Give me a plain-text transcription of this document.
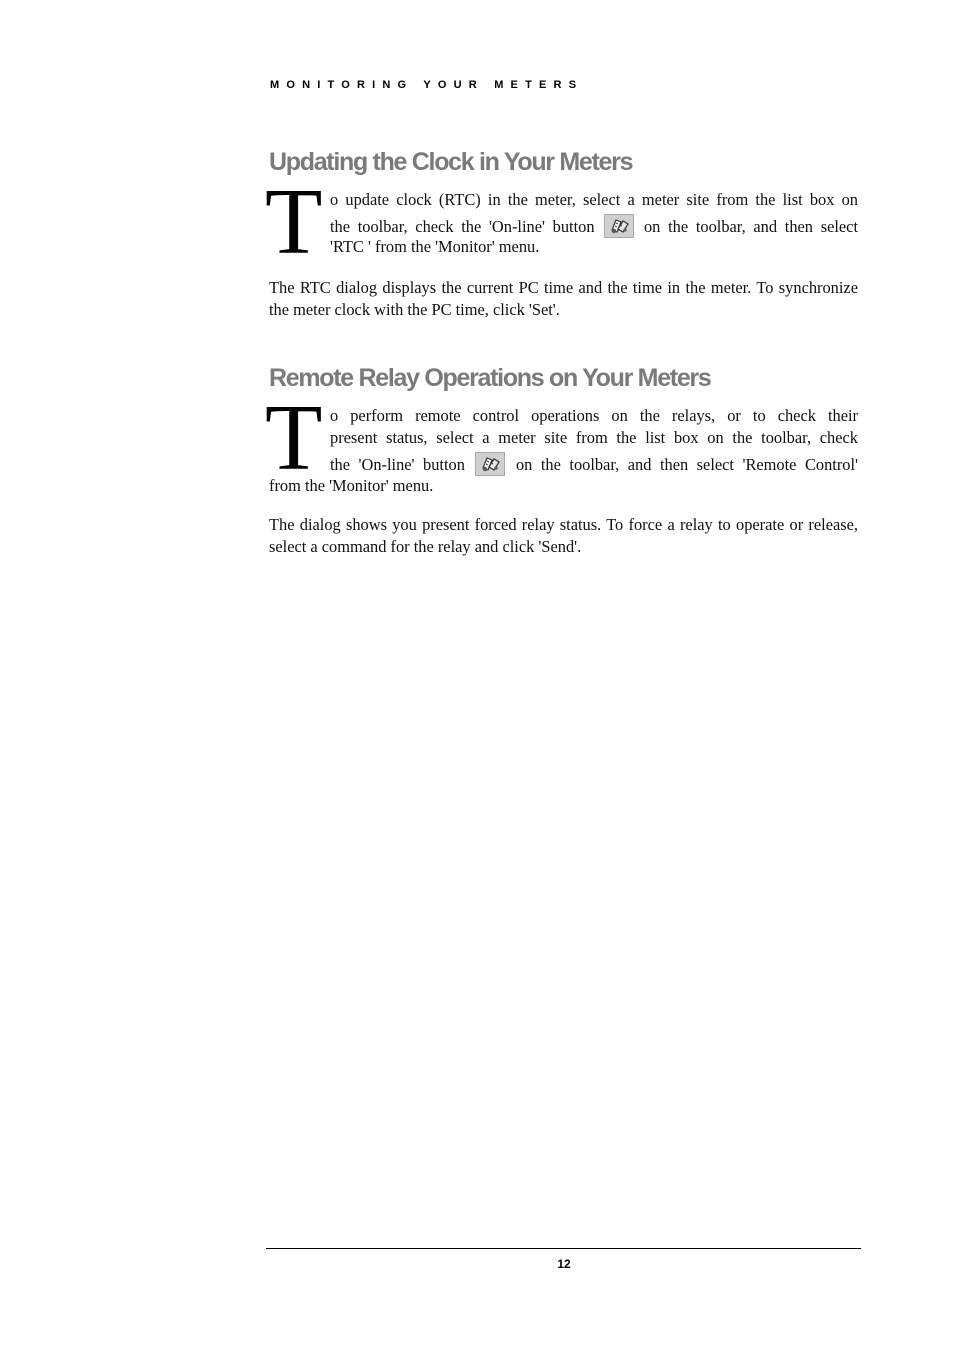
MONITORING YOUR METERS
Updating the Clock in Your Meters
T o update clock (RTC) in the meter, select a meter site from the list box on
the toolbar, check the 'On-line' button	on the toolbar, and then select
'RTC ' from the 'Monitor' menu.

The RTC dialog displays the current PC time and the time in the meter. To synchronize the meter clock with the PC time, click 'Set'.

Remote Relay Operations on Your Meters
T o perform remote control operations on the relays, or to check their
present status, select a meter site from the list box on the toolbar, check
the 'On-line' button	on the toolbar, and then select 'Remote Control'
from the 'Monitor' menu.

The dialog shows you present forced relay status. To force a relay to operate or release, select a command for the relay and click 'Send'.

12
